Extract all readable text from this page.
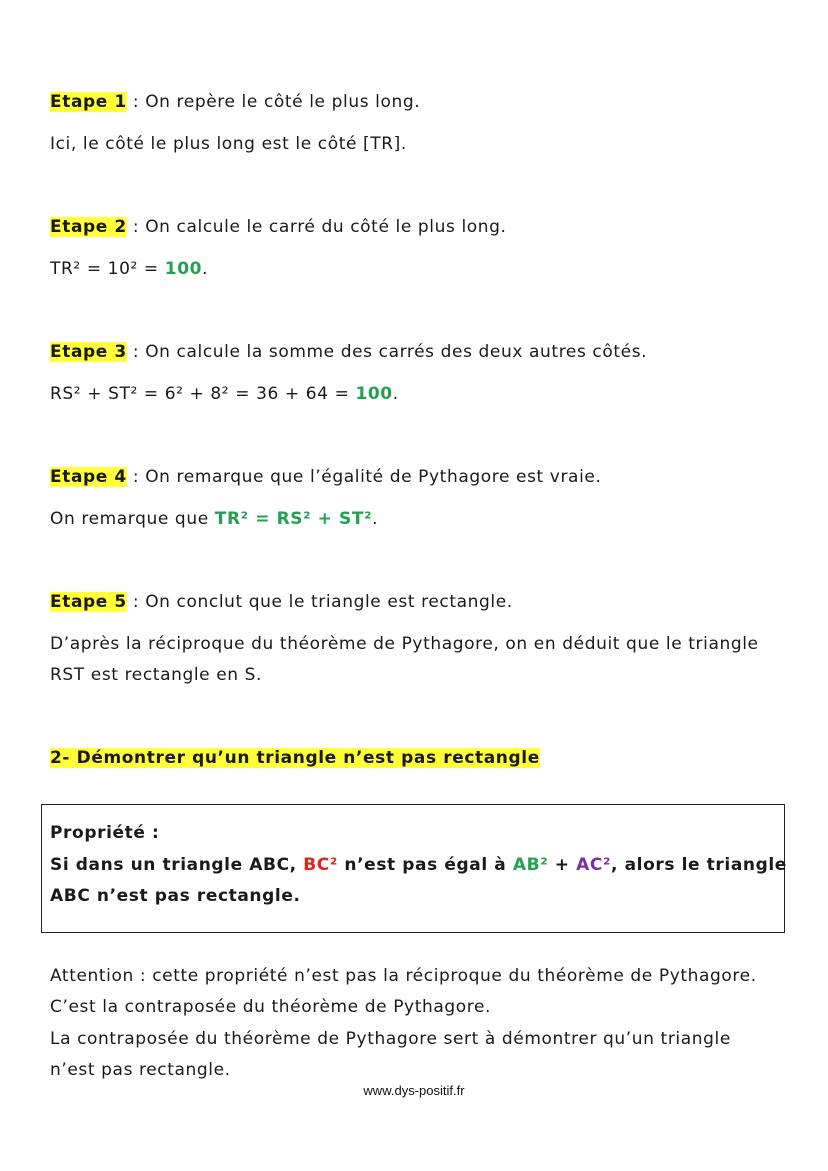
Etape 1 : On repère le côté le plus long.
Ici, le côté le plus long est le côté [TR].
Etape 2 : On calcule le carré du côté le plus long.
TR² = 10² = 100.
Etape 3 : On calcule la somme des carrés des deux autres côtés.
RS² + ST² = 6² + 8² = 36 + 64 = 100.
Etape 4 : On remarque que l’égalité de Pythagore est vraie.
On remarque que TR² = RS² + ST².
Etape 5 : On conclut que le triangle est rectangle.
D’après la réciproque du théorème de Pythagore, on en déduit que le triangle
RST est rectangle en S.
2- Démontrer qu’un triangle n’est pas rectangle
Propriété :
Si dans un triangle ABC, BC² n’est pas égal à AB² + AC², alors le triangle
ABC n’est pas rectangle.
Attention : cette propriété n’est pas la réciproque du théorème de Pythagore.
C’est la contraposée du théorème de Pythagore.
La contraposée du théorème de Pythagore sert à démontrer qu’un triangle
n’est pas rectangle.
www.dys-positif.fr
